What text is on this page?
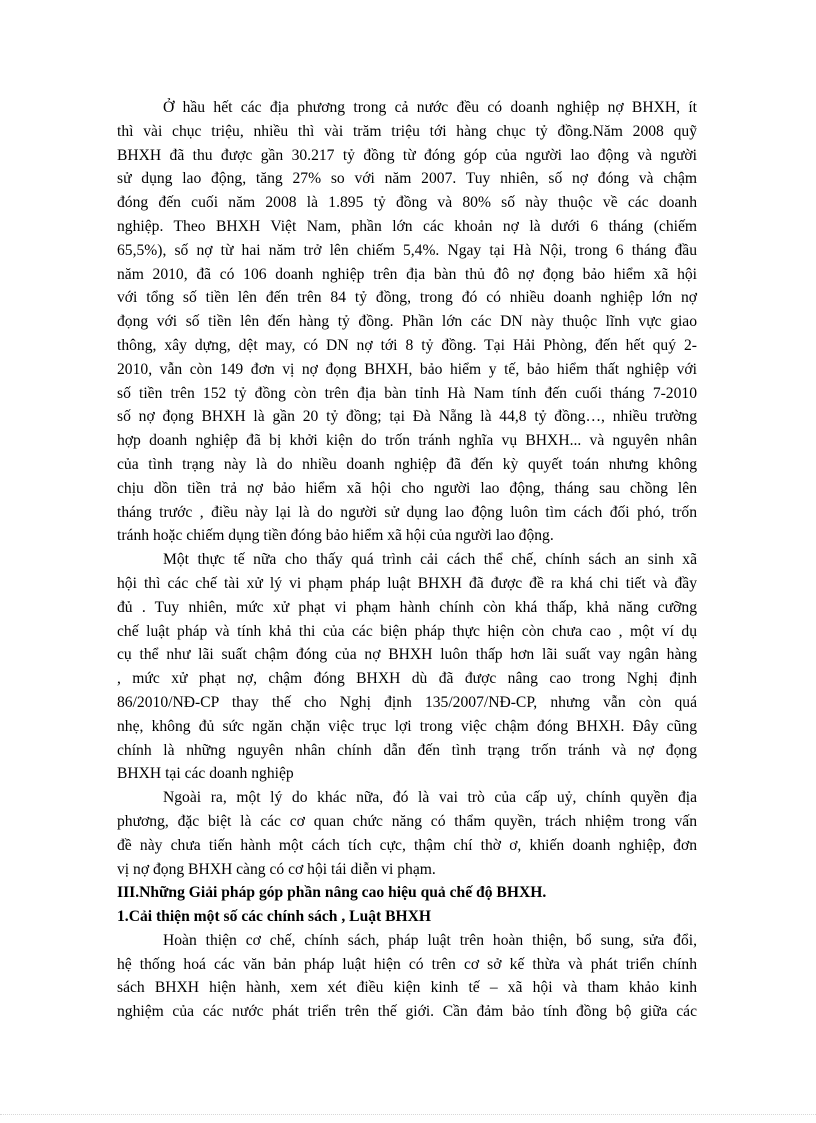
Ở hầu hết các địa phương trong cả nước đều có doanh nghiệp nợ BHXH, ít
thì vài chục triệu, nhiều thì vài trăm triệu tới hàng chục tỷ đồng.Năm 2008 quỹ
BHXH đã thu được gần 30.217 tỷ đồng từ đóng góp của người lao động và người
sử dụng lao động, tăng 27% so với năm 2007. Tuy nhiên, số nợ đóng và chậm
đóng đến cuối năm 2008 là 1.895 tỷ đồng và 80% số này thuộc về các doanh
nghiệp. Theo BHXH Việt Nam, phần lớn các khoản nợ là dưới 6 tháng (chiếm
65,5%), số nợ từ hai năm trở lên chiếm 5,4%. Ngay tại Hà Nội, trong 6 tháng đầu
năm 2010, đã có 106 doanh nghiệp trên địa bàn thủ đô nợ đọng bảo hiểm xã hội
với tổng số tiền lên đến trên 84 tỷ đồng, trong đó có nhiều doanh nghiệp lớn nợ
đọng với số tiền lên đến hàng tỷ đồng. Phần lớn các DN này thuộc lĩnh vực giao
thông, xây dựng, dệt may, có DN nợ tới 8 tỷ đồng. Tại Hải Phòng, đến hết quý 2-
2010, vẫn còn 149 đơn vị nợ đọng BHXH, bảo hiểm y tế, bảo hiểm thất nghiệp với
số tiền trên 152 tỷ đồng còn trên địa bàn tỉnh Hà Nam tính đến cuối tháng 7-2010
số nợ đọng BHXH là gần 20 tỷ đồng; tại Đà Nẵng là 44,8 tỷ đồng…, nhiều trường
hợp doanh nghiệp đã bị khởi kiện do trốn tránh nghĩa vụ BHXH... và nguyên nhân
của tình trạng này là do nhiều doanh nghiệp đã đến kỳ quyết toán nhưng không
chịu dồn tiền trả nợ bảo hiểm xã hội cho người lao động, tháng sau chồng lên
tháng trước , điều này lại là do người sử dụng lao động luôn tìm cách đối phó, trốn
tránh hoặc chiếm dụng tiền đóng bảo hiểm xã hội của người lao động.
Một thực tế nữa cho thấy quá trình cải cách thể chế, chính sách an sinh xã
hội thì các chế tài xử lý vi phạm pháp luật BHXH đã được đề ra khá chi tiết và đầy
đủ . Tuy nhiên, mức xử phạt vi phạm hành chính còn khá thấp, khả năng cưỡng
chế luật pháp và tính khả thi của các biện pháp thực hiện còn chưa cao , một ví dụ
cụ thể như lãi suất chậm đóng của nợ BHXH luôn thấp hơn lãi suất vay ngân hàng
, mức xử phạt nợ, chậm đóng BHXH dù đã được nâng cao trong Nghị định
86/2010/NĐ-CP thay thế cho Nghị định 135/2007/NĐ-CP, nhưng vẫn còn quá
nhẹ, không đủ sức ngăn chặn việc trục lợi trong việc chậm đóng BHXH. Đây cũng
chính là những nguyên nhân chính dẫn đến tình trạng trốn tránh và nợ đọng
BHXH tại các doanh nghiệp
Ngoài ra, một lý do khác nữa, đó là vai trò của cấp uỷ, chính quyền địa
phương, đặc biệt là các cơ quan chức năng có thẩm quyền, trách nhiệm trong vấn
đề này chưa tiến hành một cách tích cực, thậm chí thờ ơ, khiến doanh nghiệp, đơn
vị nợ đọng BHXH càng có cơ hội tái diễn vi phạm.
III.Những Giải pháp góp phần nâng cao hiệu quả chế độ BHXH.
1.Cải thiện một số các chính sách , Luật BHXH
Hoàn thiện cơ chế, chính sách, pháp luật trên hoàn thiện, bổ sung, sửa đổi,
hệ thống hoá các văn bản pháp luật hiện có trên cơ sở kế thừa và phát triển chính
sách BHXH hiện hành, xem xét điều kiện kinh tế – xã hội và tham khảo kinh
nghiệm của các nước phát triển trên thế giới. Cần đảm bảo tính đồng bộ giữa các
